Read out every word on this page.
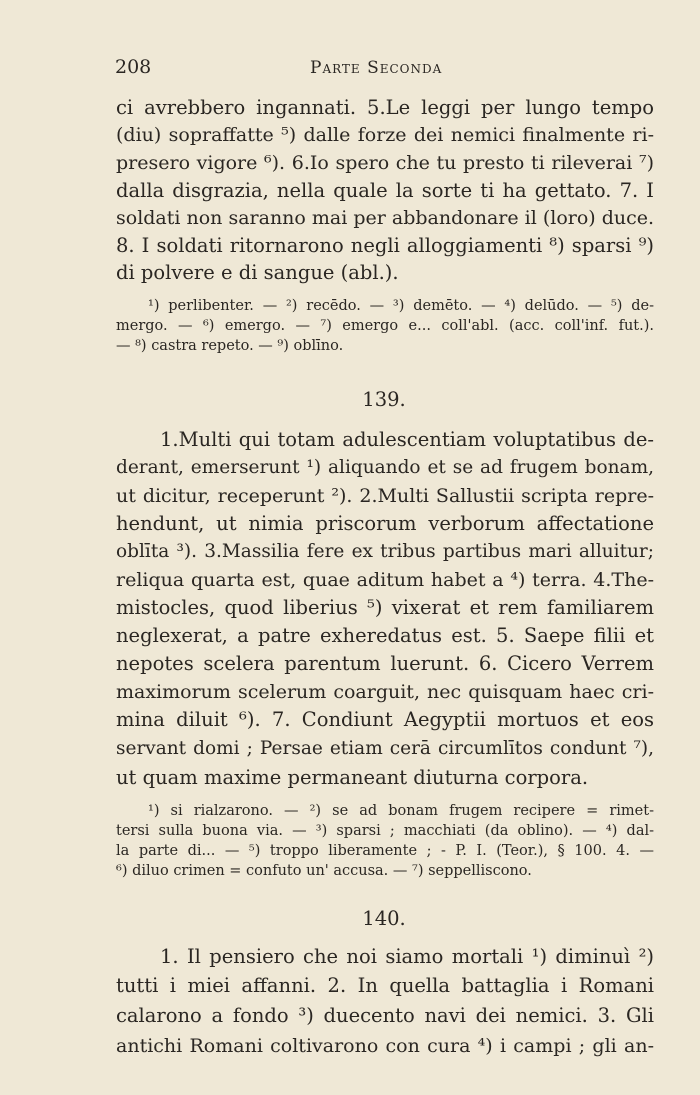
208	Parte Seconda
ci avrebbero ingannati. 5.Le leggi per lungo tempo
(diu) sopraffatte ⁵) dalle forze dei nemici finalmente ri-
presero vigore ⁶). 6.Io spero che tu presto ti rileverai ⁷)
dalla disgrazia, nella quale la sorte ti ha gettato. 7. I
soldati non saranno mai per abbandonare il (loro) duce.
8. I soldati ritornarono negli alloggiamenti ⁸) sparsi ⁹)
di polvere e di sangue (abl.).
¹) perlibenter. — ²) recēdo. — ³) demēto. — ⁴) delūdo. — ⁵) de-
mergo. — ⁶) emergo. — ⁷) emergo e... coll'abl. (acc. coll'inf. fut.).
— ⁸) castra repeto. — ⁹) oblīno.
139.
1.Multi qui totam adulescentiam voluptatibus de-
derant, emerserunt ¹) aliquando et se ad frugem bonam,
ut dicitur, receperunt ²). 2.Multi Sallustii scripta repre-
hendunt, ut nimia priscorum verborum affectatione
oblīta ³). 3.Massilia fere ex tribus partibus mari alluitur;
reliqua quarta est, quae aditum habet a ⁴) terra. 4.The-
mistocles, quod liberius ⁵) vixerat et rem familiarem
neglexerat, a patre exheredatus est. 5. Saepe filii et
nepotes scelera parentum luerunt. 6. Cicero Verrem
maximorum scelerum coarguit, nec quisquam haec cri-
mina diluit ⁶). 7. Condiunt Aegyptii mortuos et eos
servant domi ; Persae etiam cerā circumlītos condunt ⁷),
ut quam maxime permaneant diuturna corpora.
¹) si rialzarono. — ²) se ad bonam frugem recipere = rimet-
tersi sulla buona via. — ³) sparsi ; macchiati (da oblino). — ⁴) dal-
la parte di... — ⁵) troppo liberamente ; - P. I. (Teor.), § 100. 4. —
⁶) diluo crimen = confuto un' accusa. — ⁷) seppelliscono.
140.
1. Il pensiero che noi siamo mortali ¹) diminuì ²)
tutti i miei affanni. 2. In quella battaglia i Romani
calarono a fondo ³) duecento navi dei nemici. 3. Gli
antichi Romani coltivarono con cura ⁴) i campi ; gli an-
